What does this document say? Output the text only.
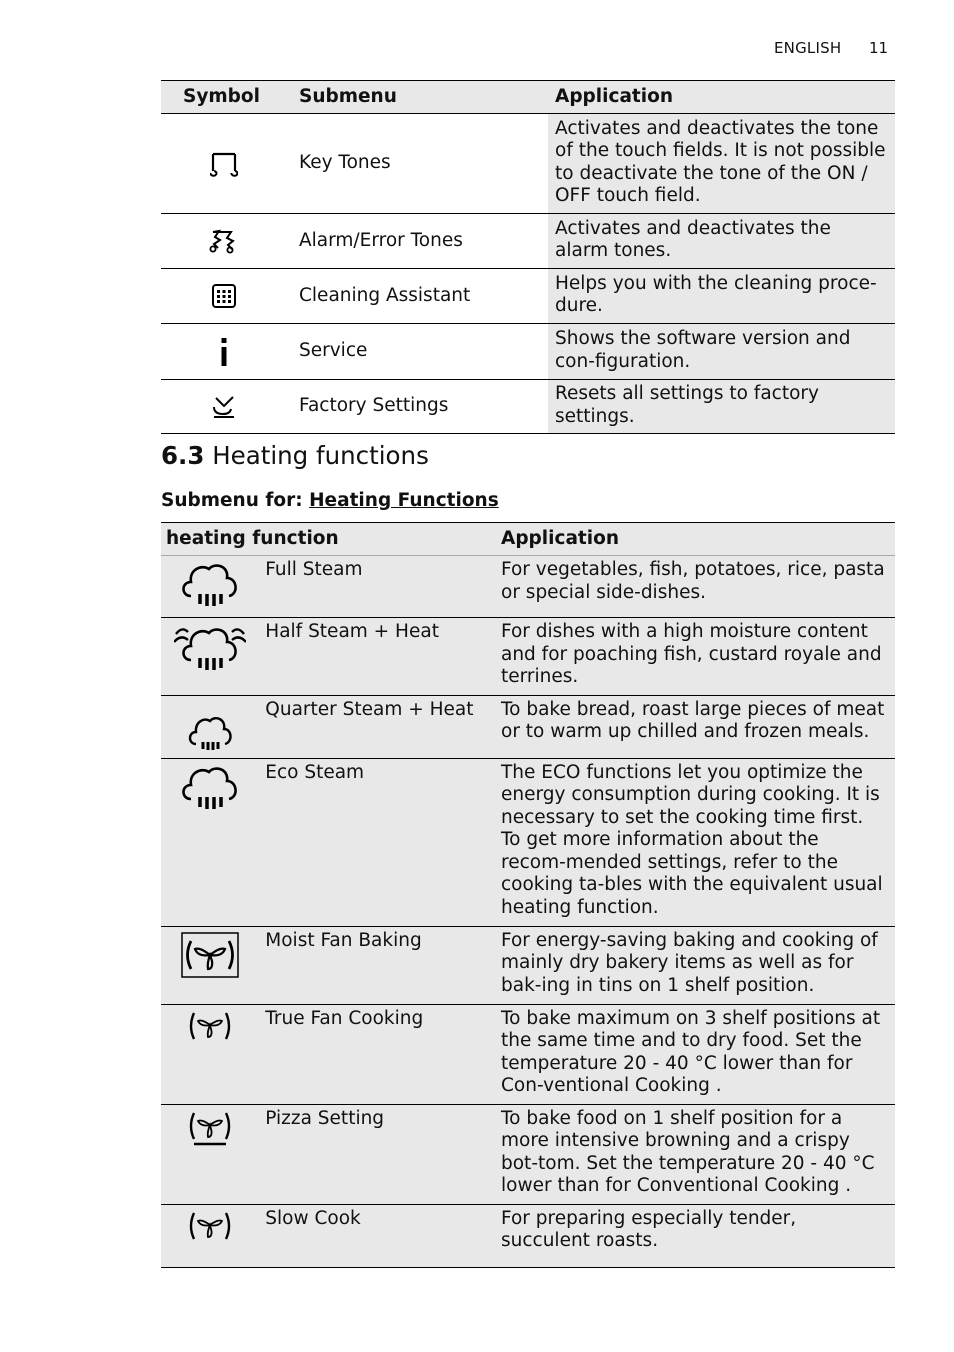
ENGLISH 11
Symbol	Submenu	Application

	Key Tones	Activates and deactivates the tone of the touch fields. It is not possible to deactivate the tone of the ON / OFF touch field.

	Alarm/Error Tones	Activates and deactivates the alarm tones.

	Cleaning Assistant	Helps you with the cleaning proce-dure.

	Service	Shows the software version and con-figuration.

	Factory Settings	Resets all settings to factory settings.
6.3 Heating functions
Submenu for: Heating Functions
heating function		Application

	Full Steam	For vegetables, fish, potatoes, rice, pasta or special side-dishes.

	Half Steam + Heat	For dishes with a high moisture content and for poaching fish, custard royale and terrines.

	Quarter Steam + Heat	To bake bread, roast large pieces of meat or to warm up chilled and frozen meals.

	Eco Steam	The ECO functions let you optimize the energy consumption during cooking. It is necessary to set the cooking time first. To get more information about the recom-mended settings, refer to the cooking ta-bles with the equivalent usual heating function.

	Moist Fan Baking	For energy-saving baking and cooking of mainly dry bakery items as well as for bak-ing in tins on 1 shelf position.

	True Fan Cooking	To bake maximum on 3 shelf positions at the same time and to dry food. Set the temperature 20 - 40 °C lower than for Con-ventional Cooking .

	Pizza Setting	To bake food on 1 shelf position for a more intensive browning and a crispy bot-tom. Set the temperature 20 - 40 °C lower than for Conventional Cooking .

	Slow Cook	For preparing especially tender, succulent roasts.
